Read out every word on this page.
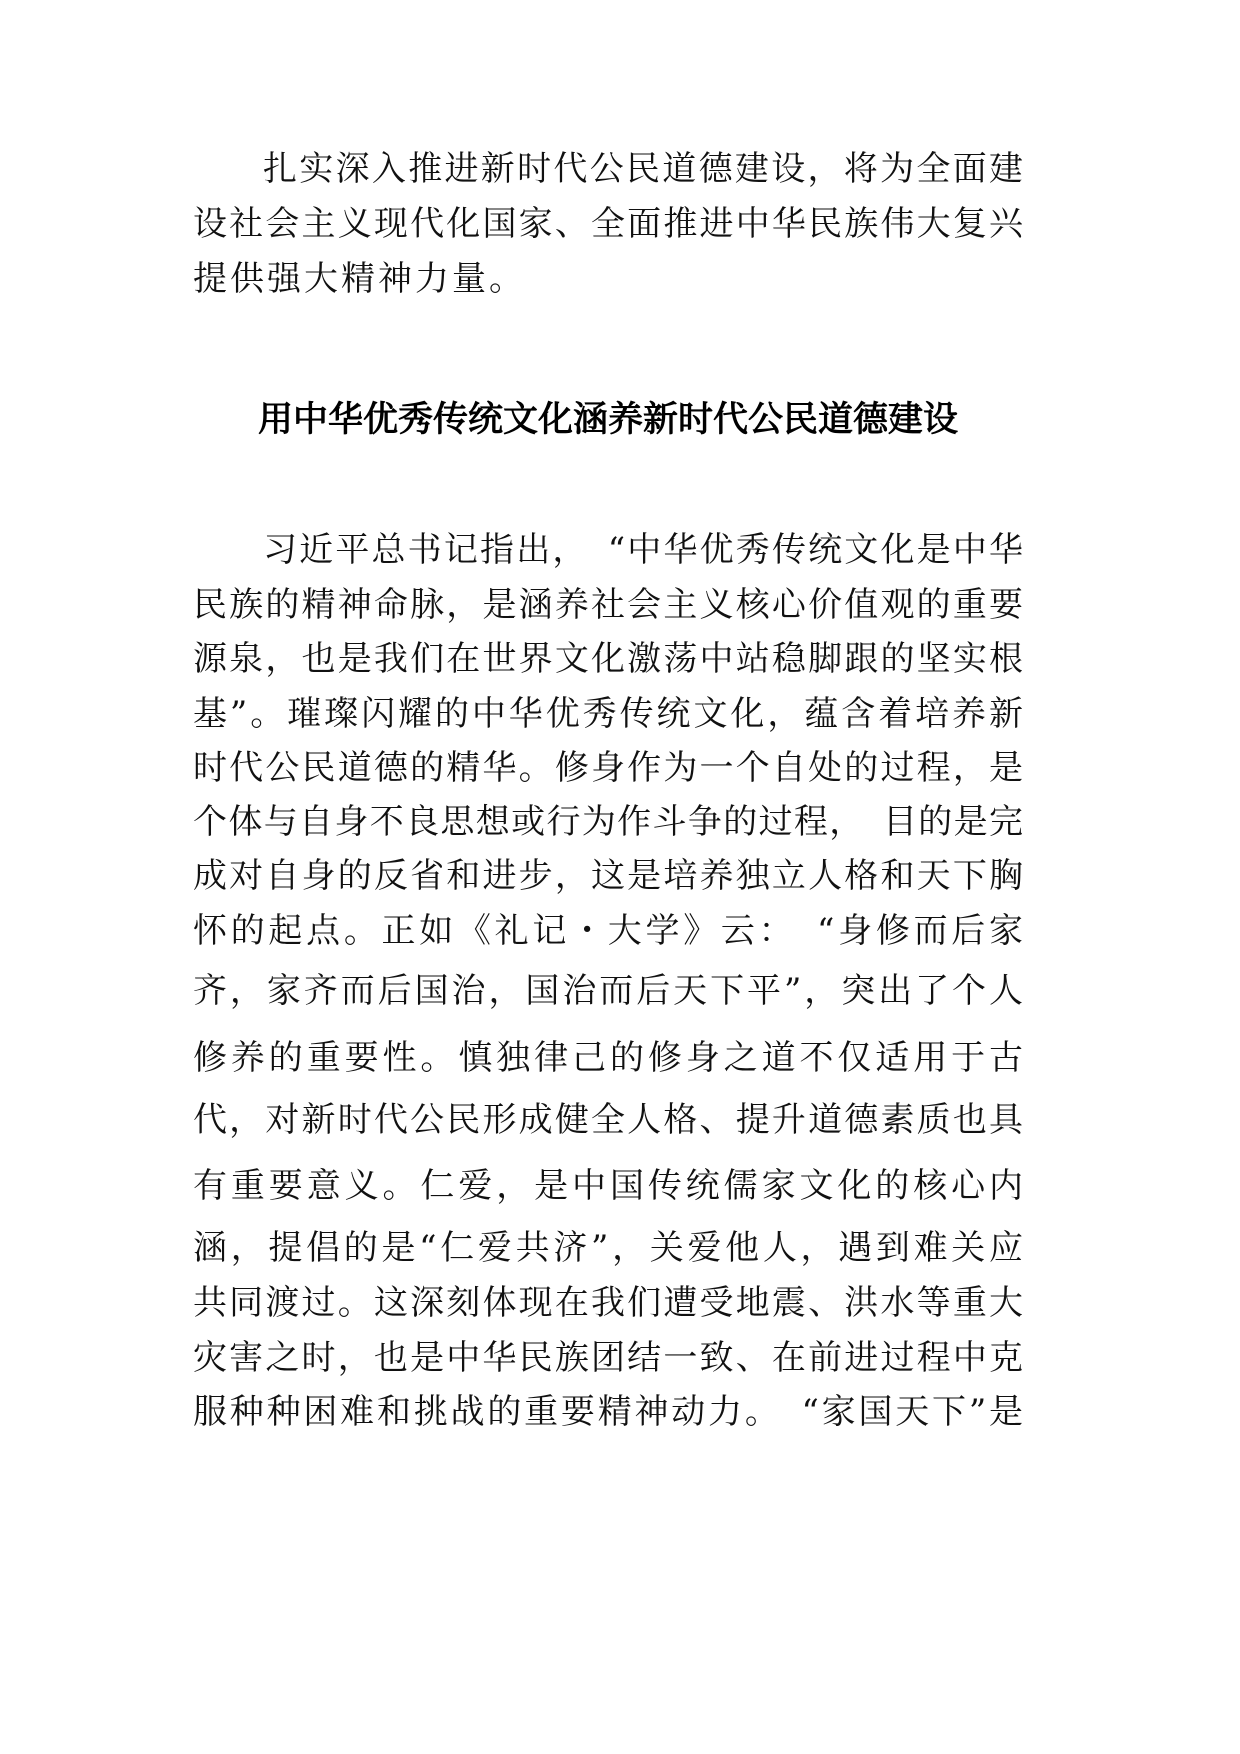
扎实深入推进新时代公民道德建设，将为全面建
设社会主义现代化国家、全面推进中华民族伟大复兴
提供强大精神力量。
用中华优秀传统文化涵养新时代公民道德建设
习近平总书记指出，　“中华优秀传统文化是中华
民族的精神命脉，是涵养社会主义核心价值观的重要
源泉，也是我们在世界文化激荡中站稳脚跟的坚实根
基”。璀璨闪耀的中华优秀传统文化，蕴含着培养新
时代公民道德的精华。修身作为一个自处的过程，是
个体与自身不良思想或行为作斗争的过程，　目的是完
成对自身的反省和进步，这是培养独立人格和天下胸
怀的起点。正如《礼记・大学》云：　“身修而后家
齐，家齐而后国治，国治而后天下平”，突出了个人
修养的重要性。慎独律己的修身之道不仅适用于古
代，对新时代公民形成健全人格、提升道德素质也具
有重要意义。仁爱，是中国传统儒家文化的核心内
涵，提倡的是“仁爱共济”，关爱他人，遇到难关应
共同渡过。这深刻体现在我们遭受地震、洪水等重大
灾害之时，也是中华民族团结一致、在前进过程中克
服种种困难和挑战的重要精神动力。　“家国天下”是
